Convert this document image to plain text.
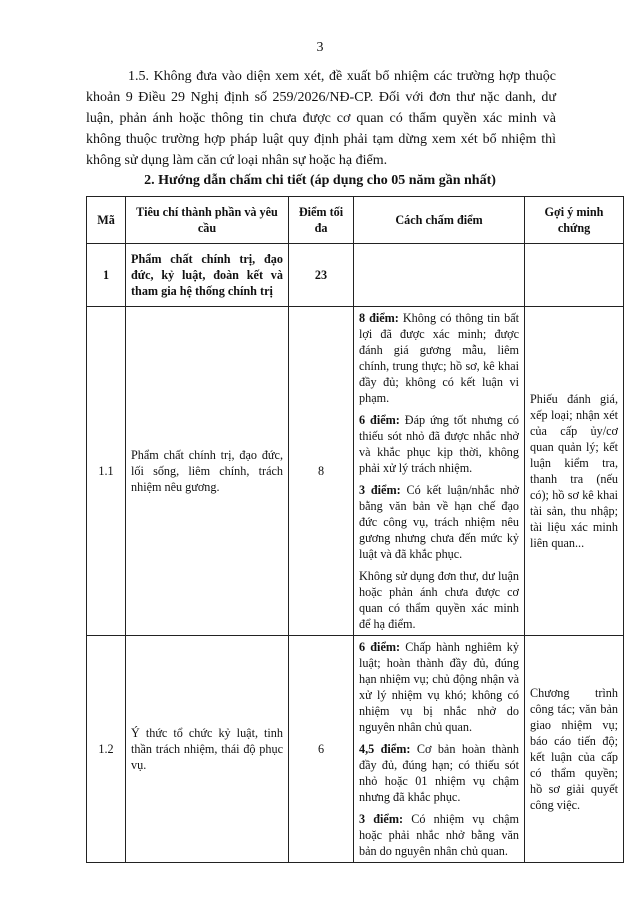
3

1.5. Không đưa vào diện xem xét, đề xuất bổ nhiệm các trường hợp thuộc khoản 9 Điều 29 Nghị định số 259/2026/NĐ-CP. Đối với đơn thư nặc danh, dư luận, phản ánh hoặc thông tin chưa được cơ quan có thẩm quyền xác minh và không thuộc trường hợp pháp luật quy định phải tạm dừng xem xét bổ nhiệm thì không sử dụng làm căn cứ loại nhân sự hoặc hạ điểm.

2. Hướng dẫn chấm chi tiết (áp dụng cho 05 năm gần nhất)
Mã	Tiêu chí thành phần và yêu cầu	Điểm tối đa	Cách chấm điểm	Gợi ý minh chứng
1	Phẩm chất chính trị, đạo đức, kỷ luật, đoàn kết và tham gia hệ thống chính trị	23		
1.1	Phẩm chất chính trị, đạo đức, lối sống, liêm chính, trách nhiệm nêu gương.	8	8 điểm: Không có thông tin bất lợi đã được xác minh; được đánh giá gương mẫu, liêm chính, trung thực; hồ sơ, kê khai đầy đủ; không có kết luận vi phạm.

6 điểm: Đáp ứng tốt nhưng có thiếu sót nhỏ đã được nhắc nhở và khắc phục kịp thời, không phải xử lý trách nhiệm.

3 điểm: Có kết luận/nhắc nhở bằng văn bản về hạn chế đạo đức công vụ, trách nhiệm nêu gương nhưng chưa đến mức kỷ luật và đã khắc phục.

Không sử dụng đơn thư, dư luận hoặc phản ánh chưa được cơ quan có thẩm quyền xác minh để hạ điểm.	Phiếu đánh giá, xếp loại; nhận xét của cấp ủy/cơ quan quản lý; kết luận kiểm tra, thanh tra (nếu có); hồ sơ kê khai tài sản, thu nhập; tài liệu xác minh liên quan...
1.2	Ý thức tổ chức kỷ luật, tinh thần trách nhiệm, thái độ phục vụ.	6	6 điểm: Chấp hành nghiêm kỷ luật; hoàn thành đầy đủ, đúng hạn nhiệm vụ; chủ động nhận và xử lý nhiệm vụ khó; không có nhiệm vụ bị nhắc nhở do nguyên nhân chủ quan.

4,5 điểm: Cơ bản hoàn thành đầy đủ, đúng hạn; có thiếu sót nhỏ hoặc 01 nhiệm vụ chậm nhưng đã khắc phục.

3 điểm: Có nhiệm vụ chậm hoặc phải nhắc nhở bằng văn bản do nguyên nhân chủ quan.	Chương trình công tác; văn bản giao nhiệm vụ; báo cáo tiến độ; kết luận của cấp có thẩm quyền; hồ sơ giải quyết công việc.
